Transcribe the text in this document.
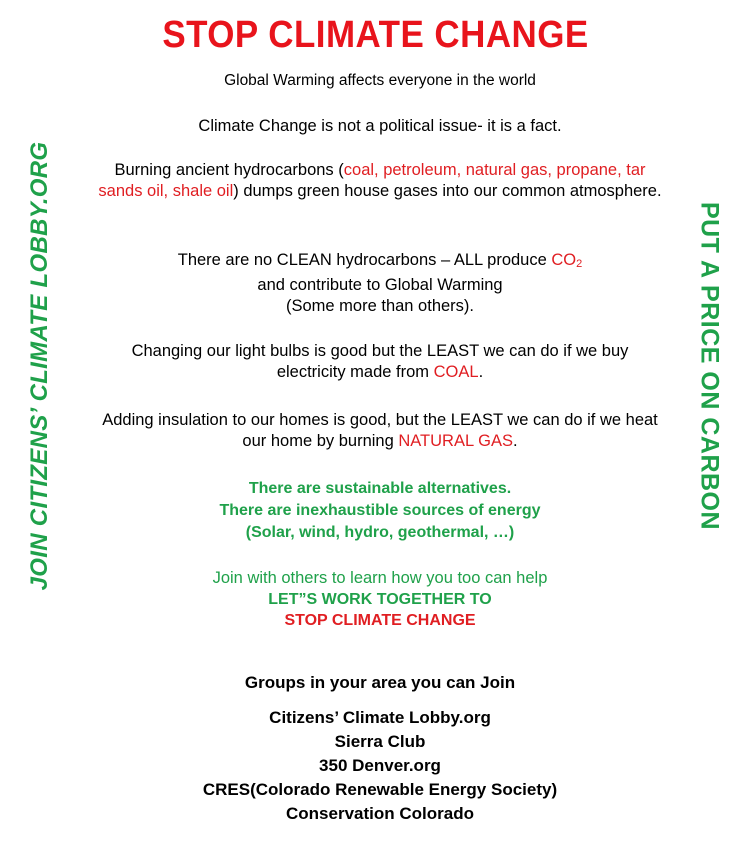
STOP CLIMATE CHANGE
Global Warming affects everyone in the world
Climate Change is not a political issue- it is a fact.
Burning ancient hydrocarbons (coal, petroleum, natural gas, propane, tar sands oil, shale oil) dumps green house gases into our common atmosphere.
There are no CLEAN hydrocarbons – ALL produce $CO_2$
and contribute to Global Warming
(Some more than others).
Changing our light bulbs is good but the LEAST we can do if we buy electricity made from COAL.
Adding insulation to our homes is good, but the LEAST we can do if we heat our home by burning NATURAL GAS.
There are sustainable alternatives.
There are inexhaustible sources of energy
(Solar, wind, hydro, geothermal, …)
Join with others to learn how you too can help
LET”S WORK TOGETHER TO
STOP CLIMATE CHANGE
Groups in your area you can Join
Citizens’ Climate Lobby.org
Sierra Club
350 Denver.org
CRES(Colorado Renewable Energy Society)
Conservation Colorado
JOIN CITIZENS’ CLIMATE LOBBY.ORG	PUT A PRICE ON CARBON
